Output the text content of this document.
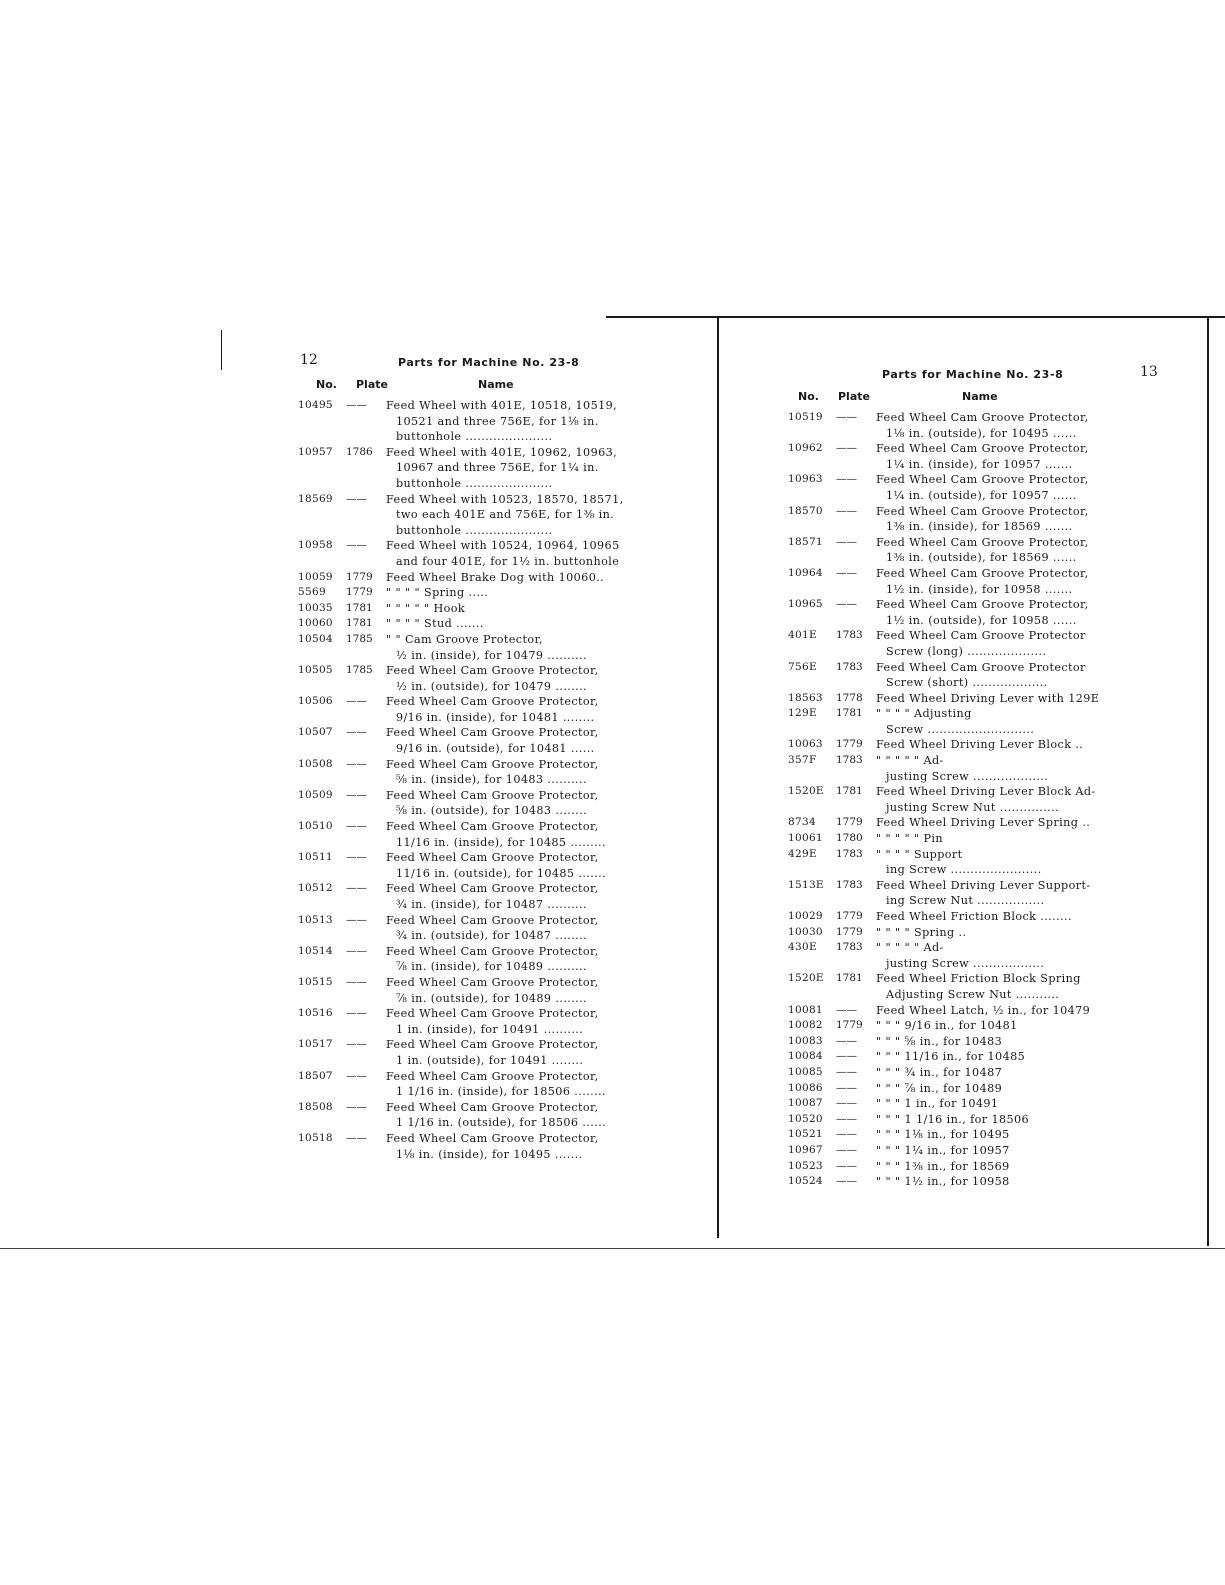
12	Parts for Machine No. 23-8
No. Plate	Name
10495	——	Feed Wheel with 401E, 10518, 10519,
10521 and three 756E, for 1⅛ in.
buttonhole ......................
10957	1786	Feed Wheel with 401E, 10962, 10963,
10967 and three 756E, for 1¼ in.
buttonhole ......................
18569	——	Feed Wheel with 10523, 18570, 18571,
two each 401E and 756E, for 1⅜ in.
buttonhole ......................
10958	——	Feed Wheel with 10524, 10964, 10965
and four 401E, for 1½ in. buttonhole
10059	1779	Feed Wheel Brake Dog with 10060..
5569	1779	" " " " Spring .....
10035	1781	" " " " " Hook
10060	1781	" " " " Stud .......
10504	1785	" " Cam Groove Protector,
½ in. (inside), for 10479 ..........
10505	1785	Feed Wheel Cam Groove Protector,
½ in. (outside), for 10479 ........
10506	——	Feed Wheel Cam Groove Protector,
9/16 in. (inside), for 10481 ........
10507	——	Feed Wheel Cam Groove Protector,
9/16 in. (outside), for 10481 ......
10508	——	Feed Wheel Cam Groove Protector,
⅝ in. (inside), for 10483 ..........
10509	——	Feed Wheel Cam Groove Protector,
⅝ in. (outside), for 10483 ........
10510	——	Feed Wheel Cam Groove Protector,
11/16 in. (inside), for 10485 .........
10511	——	Feed Wheel Cam Groove Protector,
11/16 in. (outside), for 10485 .......
10512	——	Feed Wheel Cam Groove Protector,
¾ in. (inside), for 10487 ..........
10513	——	Feed Wheel Cam Groove Protector,
¾ in. (outside), for 10487 ........
10514	——	Feed Wheel Cam Groove Protector,
⅞ in. (inside), for 10489 ..........
10515	——	Feed Wheel Cam Groove Protector,
⅞ in. (outside), for 10489 ........
10516	——	Feed Wheel Cam Groove Protector,
1 in. (inside), for 10491 ..........
10517	——	Feed Wheel Cam Groove Protector,
1 in. (outside), for 10491 ........
18507	——	Feed Wheel Cam Groove Protector,
1 1/16 in. (inside), for 18506 ........
18508	——	Feed Wheel Cam Groove Protector,
1 1/16 in. (outside), for 18506 ......
10518	——	Feed Wheel Cam Groove Protector,
1⅛ in. (inside), for 10495 .......
Parts for Machine No. 23-8	13
No. Plate	Name
10519	——	Feed Wheel Cam Groove Protector,
1⅛ in. (outside), for 10495 ......
10962	——	Feed Wheel Cam Groove Protector,
1¼ in. (inside), for 10957 .......
10963	——	Feed Wheel Cam Groove Protector,
1¼ in. (outside), for 10957 ......
18570	——	Feed Wheel Cam Groove Protector,
1⅜ in. (inside), for 18569 .......
18571	——	Feed Wheel Cam Groove Protector,
1⅜ in. (outside), for 18569 ......
10964	——	Feed Wheel Cam Groove Protector,
1½ in. (inside), for 10958 .......
10965	——	Feed Wheel Cam Groove Protector,
1½ in. (outside), for 10958 ......
401E	1783	Feed Wheel Cam Groove Protector
Screw (long) ....................
756E	1783	Feed Wheel Cam Groove Protector
Screw (short) ...................
18563	1778	Feed Wheel Driving Lever with 129E
129E	1781	" " " " Adjusting
Screw ...........................
10063	1779	Feed Wheel Driving Lever Block ..
357F	1783	" " " " " Ad-
justing Screw ...................
1520E	1781	Feed Wheel Driving Lever Block Ad-
justing Screw Nut ...............
8734	1779	Feed Wheel Driving Lever Spring ..
10061	1780	" " " " " Pin
429E	1783	" " " " Support
ing Screw .......................
1513E	1783	Feed Wheel Driving Lever Support-
ing Screw Nut .................
10029	1779	Feed Wheel Friction Block ........
10030	1779	" " " " Spring ..
430E	1783	" " " " " Ad-
justing Screw ..................
1520E	1781	Feed Wheel Friction Block Spring
Adjusting Screw Nut ...........
10081	——	Feed Wheel Latch, ½ in., for 10479
10082	1779	" " " 9/16 in., for 10481
10083	——	" " " ⅝ in., for 10483
10084	——	" " " 11/16 in., for 10485
10085	——	" " " ¾ in., for 10487
10086	——	" " " ⅞ in., for 10489
10087	——	" " " 1 in., for 10491
10520	——	" " " 1 1/16 in., for 18506
10521	——	" " " 1⅛ in., for 10495
10967	——	" " " 1¼ in., for 10957
10523	——	" " " 1⅜ in., for 18569
10524	——	" " " 1½ in., for 10958
